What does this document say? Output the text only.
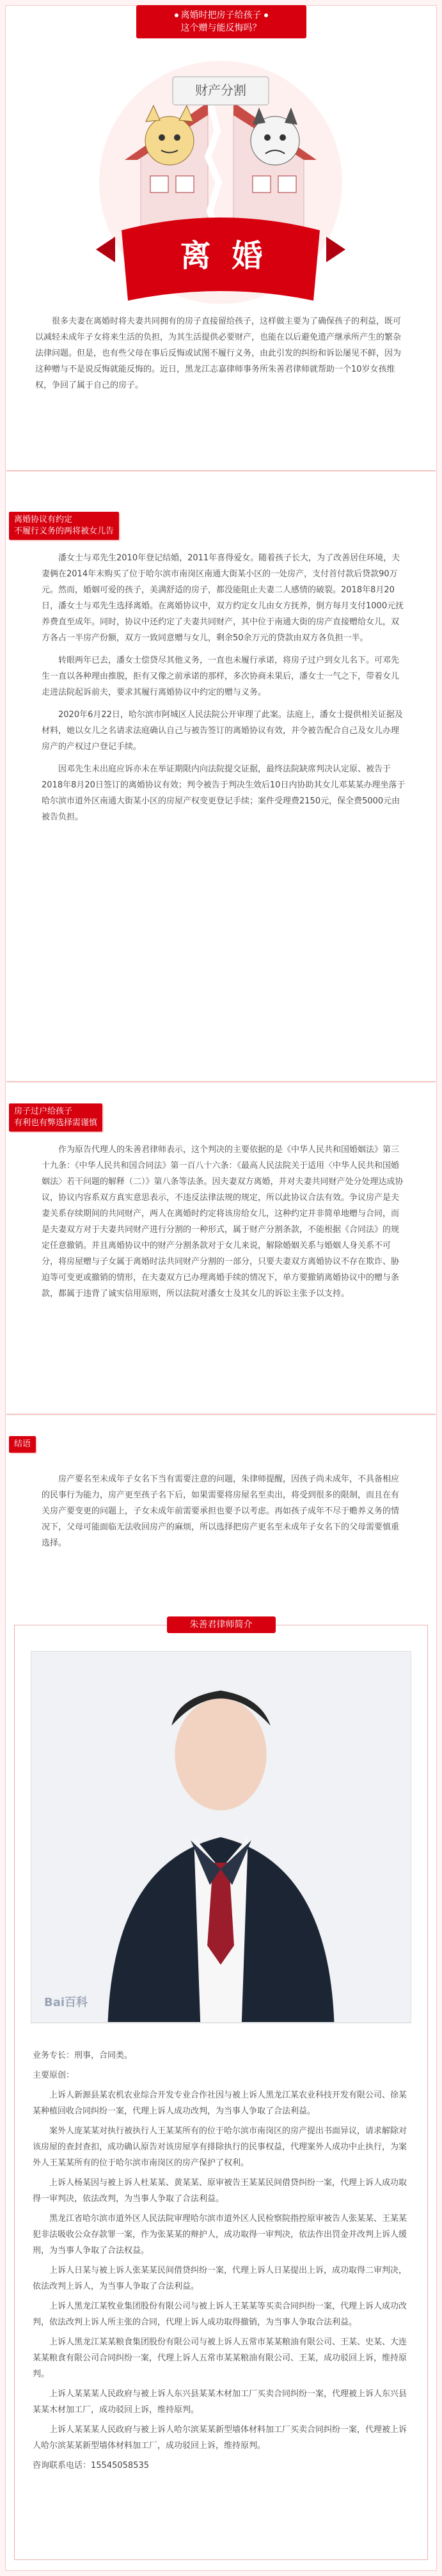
离婚时把房子给孩子
这个赠与能反悔吗？
财产分割
离 婚
很多夫妻在离婚时将夫妻共同拥有的房子直接留给孩子，这样做主要为了确保孩子的利益，既可以减轻未成年子女将来生活的负担，为其生活提供必要财产，也能在以后避免遗产继承所产生的繁杂法律问题。但是，也有些父母在事后反悔或试图不履行义务，由此引发的纠纷和诉讼屡见不鲜，因为这种赠与不是说反悔就能反悔的。近日，黑龙江志嘉律师事务所朱善君律师就帮助一个10岁女孩维权，争回了属于自己的房子。
离婚协议有约定
不履行义务的两将被女儿告

潘女士与邓先生2010年登记结婚，2011年喜得爱女。随着孩子长大，为了改善居住环境，夫妻俩在2014年末购买了位于哈尔滨市南岗区南通大街某小区的一处房产，支付首付款后贷款90万元。然而，婚姻可爱的孩子，美满舒适的房子，都没能阻止夫妻二人感情的破裂。2018年8月20日，潘女士与邓先生选择离婚。在离婚协议中，双方约定女儿由女方抚养，倒方每月支付1000元抚养费直至成年。同时，协议中还约定了夫妻共同财产，其中位于南通大街的房产直接赠给女儿，双方各占一半房产份额，双方一致同意赠与女儿，剩余50余万元的贷款由双方各负担一半。

转眼两年已去，潘女士偿贷尽其他义务，一直也未履行承诺，将房子过户到女儿名下。可邓先生一直以各种理由推脱，拒有又像之前承诺的那样，多次协商未果后，潘女士一气之下，带着女儿走进法院起诉前夫，要求其履行离婚协议中约定的赠与义务。

2020年6月22日，哈尔滨市阿城区人民法院公开审理了此案。法庭上，潘女士提供相关证据及材料，她以女儿之名请求法庭确认自己与被告签订的离婚协议有效，并令被告配合自己及女儿办理房产的产权过户登记手续。

因邓先生未出庭应诉亦未在举证期限内向法院提交证据，最终法院缺席判决认定原、被告于2018年8月20日签订的离婚协议有效；判令被告于判决生效后10日内协助其女儿邓某某办理坐落于哈尔滨市道外区南通大街某小区的房屋产权变更登记手续；案件受理费2150元，保全费5000元由被告负担。

房子过户给孩子
有利也有弊选择需谨慎

作为原告代理人的朱善君律师表示，这个判决的主要依据的是《中华人民共和国婚姻法》第三十九条：《中华人民共和国合同法》第一百八十六条：《最高人民法院关于适用〈中华人民共和国婚姻法〉若干问题的解释（二）》第八条等法条。因夫妻双方离婚，并对夫妻共同财产处分处理达成协议，协议内容系双方真实意思表示，不违反法律法规的规定，所以此协议合法有效。争议房产是夫妻关系存续期间的共同财产，两人在离婚时约定将该房给女儿，这种约定并非简单地赠与合同，而是夫妻双方对于夫妻共同财产进行分割的一种形式，属于财产分割条款，不能根据《合同法》的规定任意撤销。并且离婚协议中的财产分割条款对于女儿来说，解除婚姻关系与婚姻人身关系不可分，将房屋赠与子女属于离婚时法共同财产分割的一部分，只要夫妻双方离婚协议不存在欺诈、胁迫等可变更或撤销的情形，在夫妻双方已办理离婚手续的情况下，单方要撤销离婚协议中的赠与条款，都属于违背了诚实信用原则，所以法院对潘女士及其女儿的诉讼主张予以支持。

结语

房产要名至未成年子女名下当有需要注意的问题，朱律师提醒，因孩子尚未成年，不具备相应的民事行为能力，房产更至孩子名下后，如果需要将房屋名至卖出，将受到很多的限制，而且在有关房产要变更的问题上，子女未成年前需要承担也要予以考虑。再如孩子成年不尽于赡养义务的情况下，父母可能面临无法收回房产的麻烦，所以选择把房产更名至未成年子女名下的父母需要慎重选择。

朱善君律师简介
Bai百科

业务专长：刑事，合同类。

主要原创：

上诉人新源县某农机农业综合开发专业合作社因与被上诉人黑龙江某农业科技开发有限公司、徐某某种植回收合同纠纷一案，代理上诉人成功改判，为当事人争取了合法利益。

案外人庞某某对执行被执行人王某某所有的位于哈尔滨市南岗区的房产提出书面异议，请求解除对该房屋的查封查扣，成功确认原告对该房屋享有排除执行的民事权益，代理案外人成功中止执行，为案外人王某某所有的位于哈尔滨市南岗区的房产保护了权利。

上诉人杨某因与被上诉人杜某某、黄某某、原审被告王某某民间借贷纠纷一案，代理上诉人成功取得一审判决，依法改判，为当事人争取了合法利益。

黑龙江省哈尔滨市道外区人民法院审理哈尔滨市道外区人民检察院指控原审被告人张某某、王某某犯非法吸收公众存款罪一案，作为张某某的辩护人，成功取得一审判决，依法作出罚金并改判上诉人缓刑，为当事人争取了合法权益。

上诉人日某与被上诉人张某某民间借贷纠纷一案，代理上诉人日某提出上诉，成功取得二审判决，依法改判上诉人，为当事人争取了合法利益。

上诉人黑龙江某牧业集团股份有限公司与被上诉人王某某等买卖合同纠纷一案，代理上诉人成功改判，依法改判上诉人所主张的合同，代理上诉人成功取得撤销，为当事人争取合法利益。

上诉人黑龙江某某粮食集团股份有限公司与被上诉人五常市某某粮油有限公司、王某、史某、大连某某粮食有限公司合同纠纷一案，代理上诉人五常市某某粮油有限公司、王某，成功驳回上诉，维持原判。

上诉人某某某人民政府与被上诉人东兴县某某木材加工厂买卖合同纠纷一案，代理被上诉人东兴县某某木材加工厂，成功驳回上诉，维持原判。

上诉人某某某人民政府与被上诉人哈尔滨某某新型墙体材料加工厂买卖合同纠纷一案，代理被上诉人哈尔滨某某新型墙体材料加工厂，成功驳回上诉，维持原判。

咨询联系电话：15545058535
